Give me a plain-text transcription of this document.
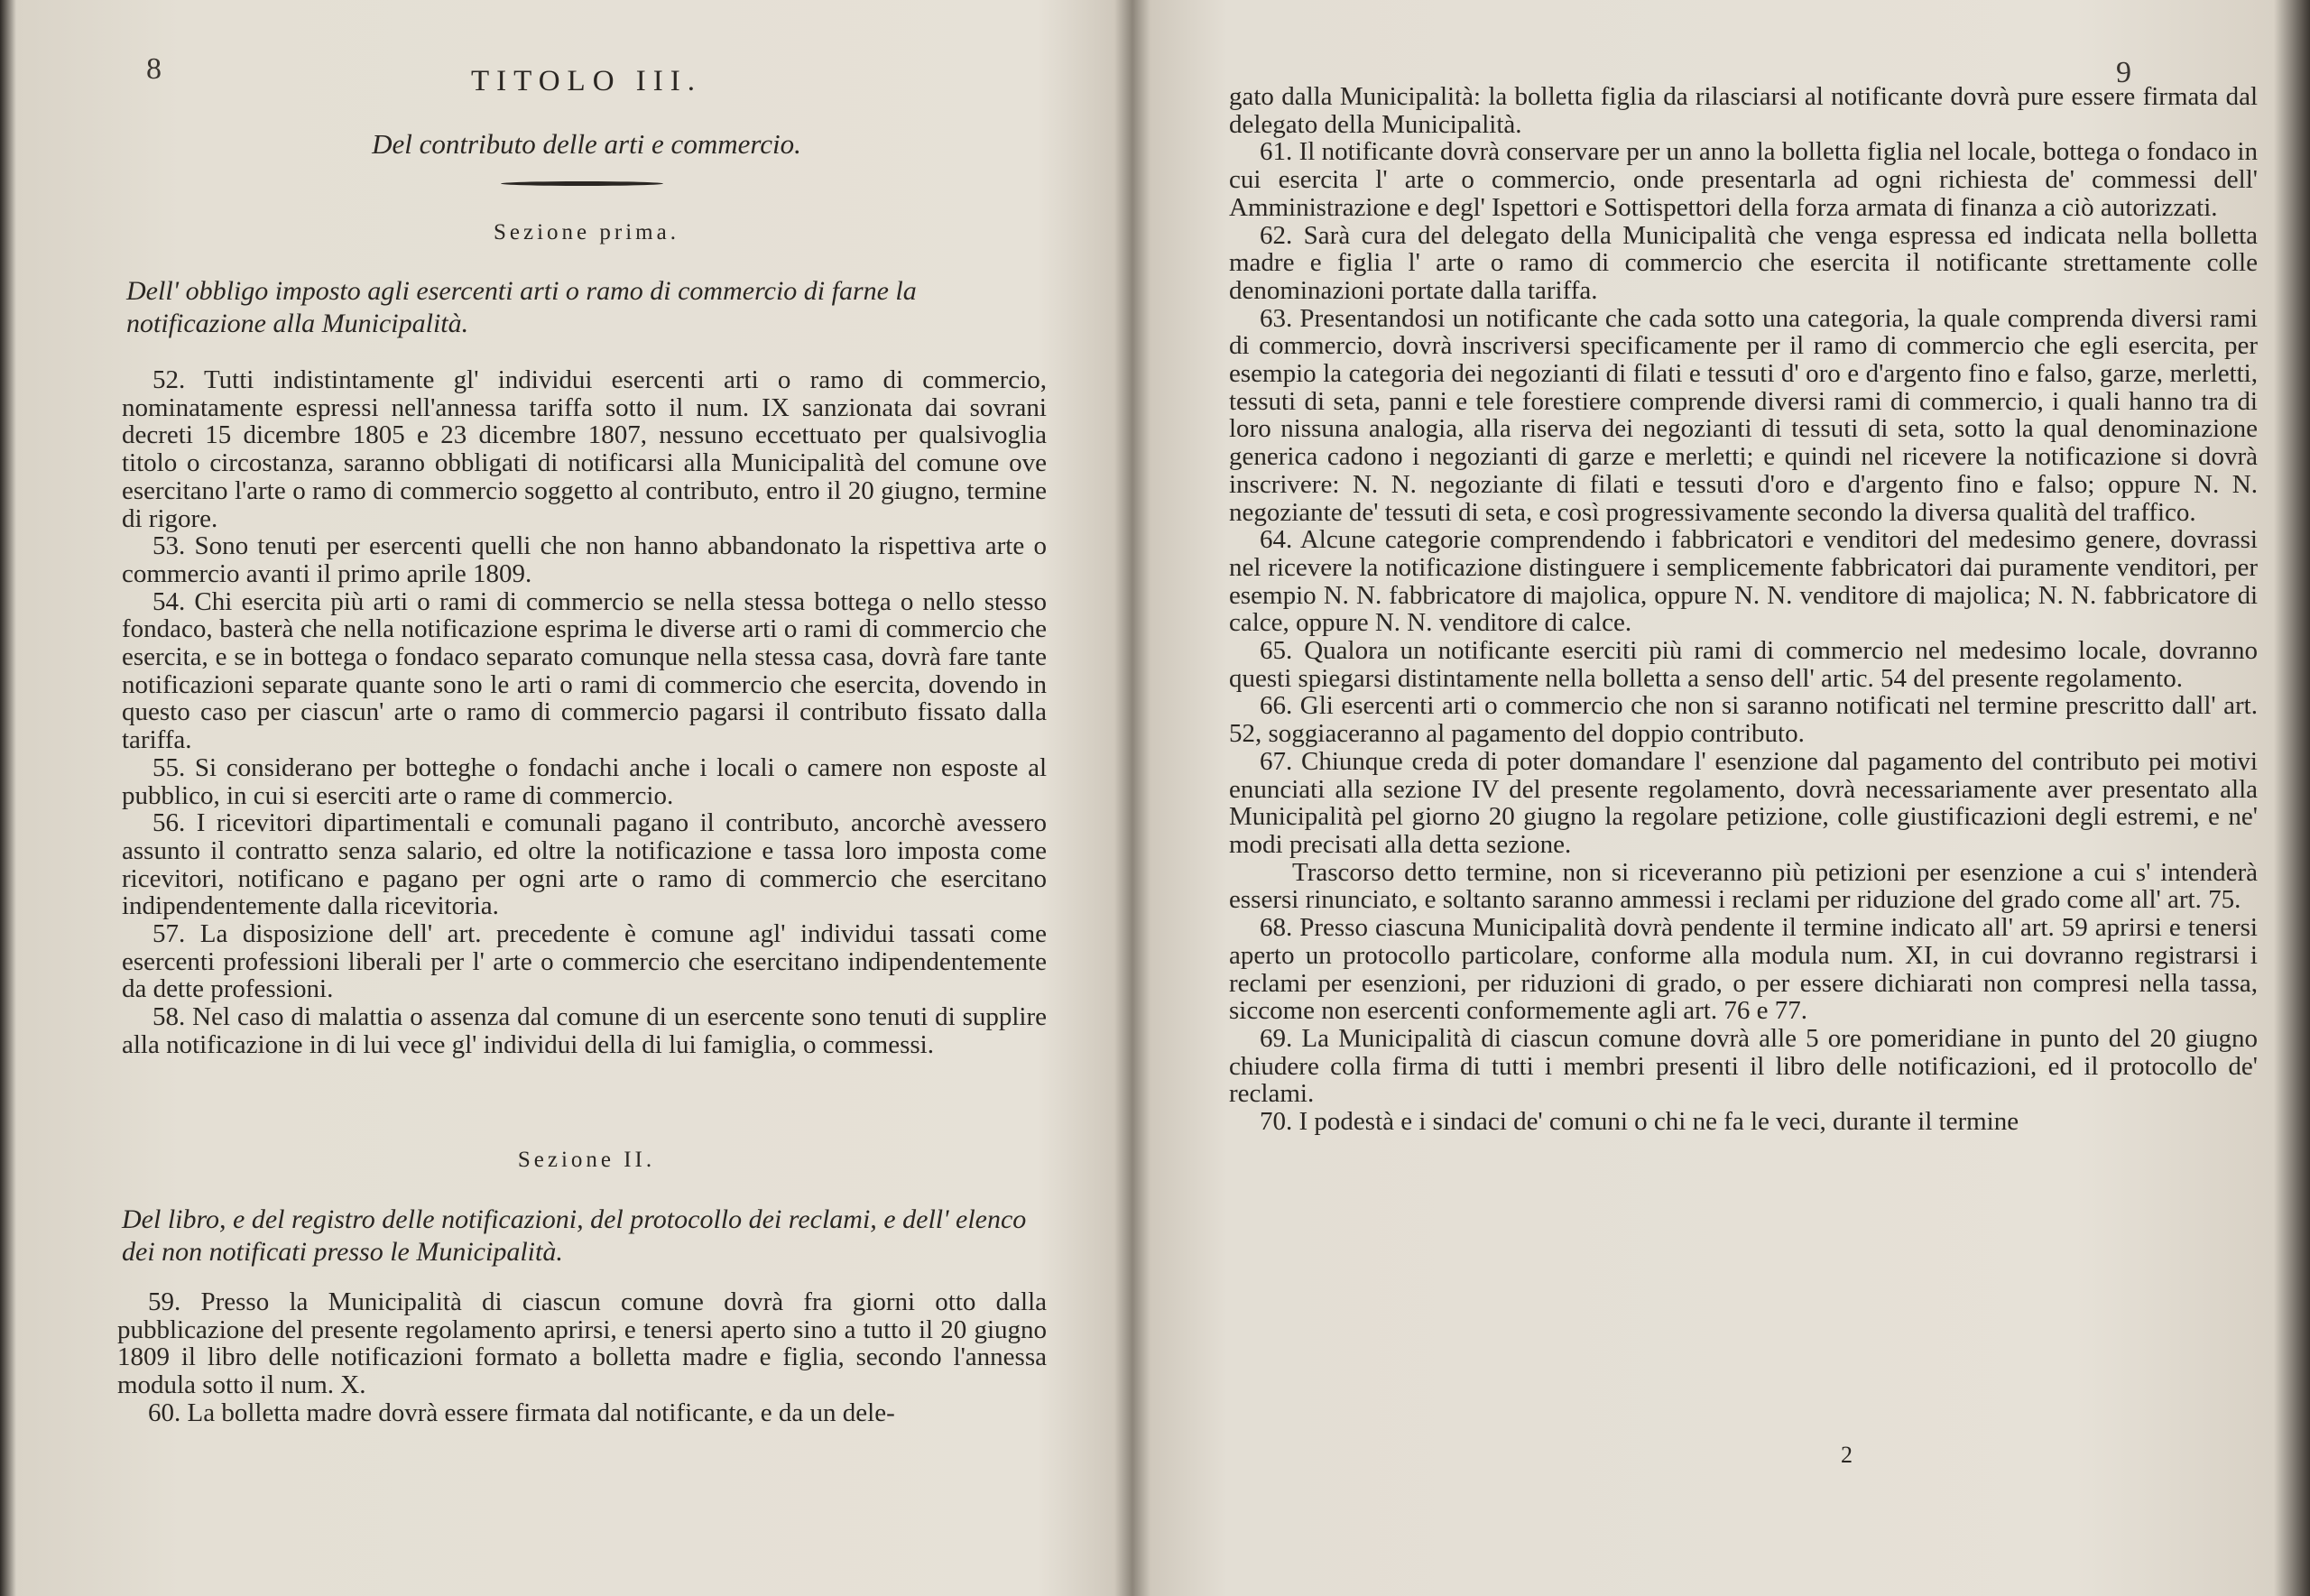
8	TITOLO III.
Del contributo delle arti e commercio.
Sezione prima.
Dell' obbligo imposto agli esercenti arti o ramo di commercio di farne la notificazione alla Municipalità.

52. Tutti indistintamente gl' individui esercenti arti o ramo di commercio, nominatamente espressi nell'annessa tariffa sotto il num. IX sanzionata dai sovrani decreti 15 dicembre 1805 e 23 dicembre 1807, nessuno eccettuato per qualsivoglia titolo o circostanza, saranno obbligati di notificarsi alla Municipalità del comune ove esercitano l'arte o ramo di commercio soggetto al contributo, entro il 20 giugno, termine di rigore.

53. Sono tenuti per esercenti quelli che non hanno abbandonato la rispettiva arte o commercio avanti il primo aprile 1809.

54. Chi esercita più arti o rami di commercio se nella stessa bottega o nello stesso fondaco, basterà che nella notificazione esprima le diverse arti o rami di commercio che esercita, e se in bottega o fondaco separato comunque nella stessa casa, dovrà fare tante notificazioni separate quante sono le arti o rami di commercio che esercita, dovendo in questo caso per ciascun' arte o ramo di commercio pagarsi il contributo fissato dalla tariffa.

55. Si considerano per botteghe o fondachi anche i locali o camere non esposte al pubblico, in cui si eserciti arte o rame di commercio.

56. I ricevitori dipartimentali e comunali pagano il contributo, ancorchè avessero assunto il contratto senza salario, ed oltre la notificazione e tassa loro imposta come ricevitori, notificano e pagano per ogni arte o ramo di commercio che esercitano indipendentemente dalla ricevitoria.

57. La disposizione dell' art. precedente è comune agl' individui tassati come esercenti professioni liberali per l' arte o commercio che esercitano indipendentemente da dette professioni.

58. Nel caso di malattia o assenza dal comune di un esercente sono tenuti di supplire alla notificazione in di lui vece gl' individui della di lui famiglia, o commessi.

Sezione II.
Del libro, e del registro delle notificazioni, del protocollo dei reclami, e dell' elenco dei non notificati presso le Municipalità.

59. Presso la Municipalità di ciascun comune dovrà fra giorni otto dalla pubblicazione del presente regolamento aprirsi, e tenersi aperto sino a tutto il 20 giugno 1809 il libro delle notificazioni formato a bolletta madre e figlia, secondo l'annessa modula sotto il num. X.

60. La bolletta madre dovrà essere firmata dal notificante, e da un dele-

9

gato dalla Municipalità: la bolletta figlia da rilasciarsi al notificante dovrà pure essere firmata dal delegato della Municipalità.

61. Il notificante dovrà conservare per un anno la bolletta figlia nel locale, bottega o fondaco in cui esercita l' arte o commercio, onde presentarla ad ogni richiesta de' commessi dell' Amministrazione e degl' Ispettori e Sottispettori della forza armata di finanza a ciò autorizzati.

62. Sarà cura del delegato della Municipalità che venga espressa ed indicata nella bolletta madre e figlia l' arte o ramo di commercio che esercita il notificante strettamente colle denominazioni portate dalla tariffa.

63. Presentandosi un notificante che cada sotto una categoria, la quale comprenda diversi rami di commercio, dovrà inscriversi specificamente per il ramo di commercio che egli esercita, per esempio la categoria dei negozianti di filati e tessuti d' oro e d'argento fino e falso, garze, merletti, tessuti di seta, panni e tele forestiere comprende diversi rami di commercio, i quali hanno tra di loro nissuna analogia, alla riserva dei negozianti di tessuti di seta, sotto la qual denominazione generica cadono i negozianti di garze e merletti; e quindi nel ricevere la notificazione si dovrà inscrivere: N. N. negoziante di filati e tessuti d'oro e d'argento fino e falso; oppure N. N. negoziante de' tessuti di seta, e così progressivamente secondo la diversa qualità del traffico.

64. Alcune categorie comprendendo i fabbricatori e venditori del medesimo genere, dovrassi nel ricevere la notificazione distinguere i semplicemente fabbricatori dai puramente venditori, per esempio N. N. fabbricatore di majolica, oppure N. N. venditore di majolica; N. N. fabbricatore di calce, oppure N. N. venditore di calce.

65. Qualora un notificante eserciti più rami di commercio nel medesimo locale, dovranno questi spiegarsi distintamente nella bolletta a senso dell' artic. 54 del presente regolamento.

66. Gli esercenti arti o commercio che non si saranno notificati nel termine prescritto dall' art. 52, soggiaceranno al pagamento del doppio contributo.

67. Chiunque creda di poter domandare l' esenzione dal pagamento del contributo pei motivi enunciati alla sezione IV del presente regolamento, dovrà necessariamente aver presentato alla Municipalità pel giorno 20 giugno la regolare petizione, colle giustificazioni degli estremi, e ne' modi precisati alla detta sezione.

Trascorso detto termine, non si riceveranno più petizioni per esenzione a cui s' intenderà essersi rinunciato, e soltanto saranno ammessi i reclami per riduzione del grado come all' art. 75.

68. Presso ciascuna Municipalità dovrà pendente il termine indicato all' art. 59 aprirsi e tenersi aperto un protocollo particolare, conforme alla modula num. XI, in cui dovranno registrarsi i reclami per esenzioni, per riduzioni di grado, o per essere dichiarati non compresi nella tassa, siccome non esercenti conformemente agli art. 76 e 77.

69. La Municipalità di ciascun comune dovrà alle 5 ore pomeridiane in punto del 20 giugno chiudere colla firma di tutti i membri presenti il libro delle notificazioni, ed il protocollo de' reclami.

70. I podestà e i sindaci de' comuni o chi ne fa le veci, durante il termine

2
